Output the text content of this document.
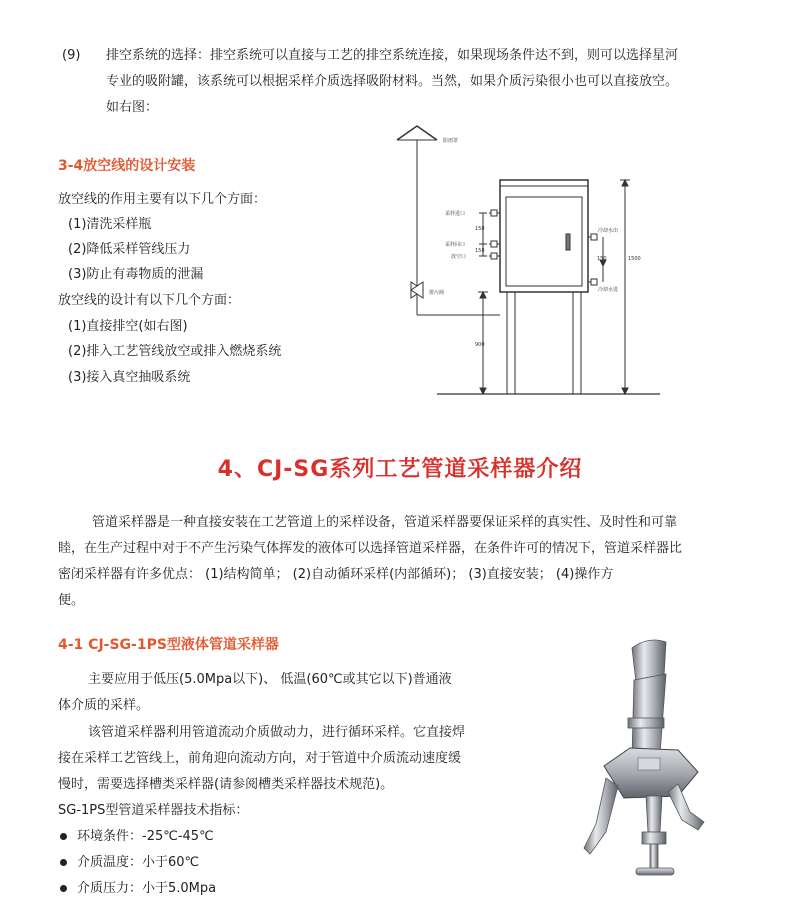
(9) 排空系统的选择：排空系统可以直接与工艺的排空系统连接，如果现场条件达不到，则可以选择星河
专业的吸附罐，该系统可以根据采样介质选择吸附材料。当然，如果介质污染很小也可以直接放空。
如右图：
3-4放空线的设计安装
放空线的作用主要有以下几个方面：
(1)清洗采样瓶
(2)降低采样管线压力
(3)防止有毒物质的泄漏
放空线的设计有以下几个方面：
(1)直接排空(如右图)
(2)排入工艺管线放空或排入燃烧系统
(3)接入真空抽吸系统
防雨罩
采样进口
采样回口
放空口
排污阀
冷却水出
冷却水进
150
150
150	1500
900
4、CJ-SG系列工艺管道采样器介绍
管道采样器是一种直接安装在工艺管道上的采样设备，管道采样器要保证采样的真实性、及时性和可靠
睦，在生产过程中对于不产生污染气体挥发的液体可以选择管道采样器，在条件许可的情况下，管道采样器比
密闭采样器有许多优点： (1)结构简单； (2)自动循环采样(内部循环)； (3)直接安装； (4)操作方
便。
4-1 CJ-SG-1PS型液体管道采样器
主要应用于低压(5.0Mpa以下)、 低温(60℃或其它以下)普通液
体介质的采样。
该管道采样器利用管道流动介质做动力，进行循环采样。它直接焊
接在采样工艺管线上，前角迎向流动方向，对于管道中介质流动速度缓
慢时，需要选择槽类采样器(请参阅槽类采样器技术规范)。
SG-1PS型管道采样器技术指标：
环境条件：-25℃-45℃
介质温度：小于60℃
介质压力：小于5.0Mpa
